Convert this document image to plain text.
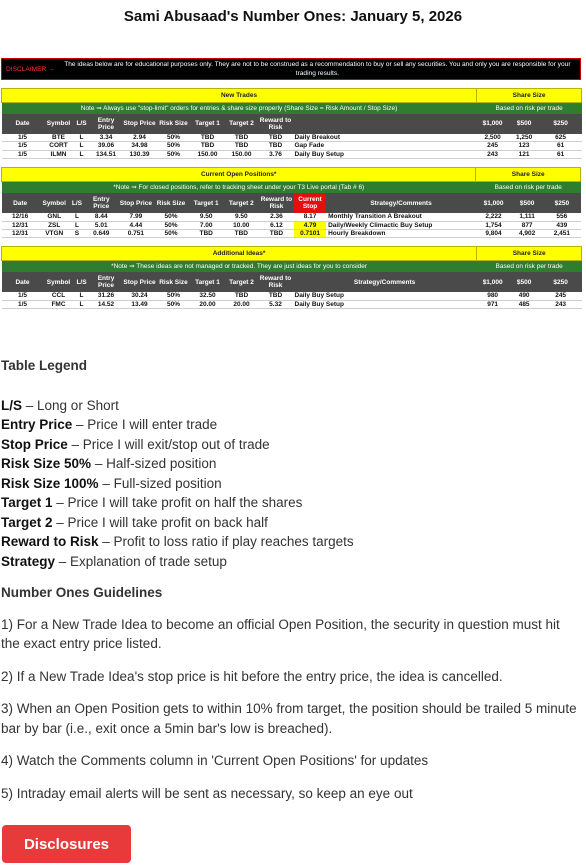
Sami Abusaad's Number Ones: January 5, 2026
DISCLAIMER →
The ideas below are for educational purposes only. They are not to be construed as a recommendation to buy or sell any securities. You and only you are responsible for your trading results.
New Trades										Share Size		
Note ⇒ Always use "stop-limit" orders for entries & share size properly (Share Size = Risk Amount / Stop Size)										Based on risk per trade		
Date	Symbol	L/S	Entry Price	Stop Price	Risk Size	Target 1	Target 2	Reward to Risk		$1,000	$500	$250
1/5	BTE	L	3.34	2.94	50%	TBD	TBD	TBD	Daily Breakout	2,500	1,250	625
1/5	CORT	L	39.06	34.98	50%	TBD	TBD	TBD	Gap Fade	245	123	61
1/5	ILMN	L	134.51	130.39	50%	150.00	150.00	3.76	Daily Buy Setup	243	121	61
Current Open Positions*											Share Size		
*Note ⇒ For closed positions, refer to tracking sheet under your T3 Live portal (Tab # 6)											Based on risk per trade		
Date	Symbol	L/S	Entry Price	Stop Price	Risk Size	Target 1	Target 2	Reward to Risk	Current Stop	Strategy/Comments	$1,000	$500	$250
12/16	GNL	L	8.44	7.99	50%	9.50	9.50	2.36	8.17	Monthly Transition A Breakout	2,222	1,111	556
12/31	ZSL	L	5.01	4.44	50%	7.00	10.00	6.12	4.79	Daily/Weekly Climactic Buy Setup	1,754	877	439
12/31	VTGN	S	0.649	0.751	50%	TBD	TBD	TBD	0.7101	Hourly Breakdown	9,804	4,902	2,451
Additional Ideas*										Share Size		
*Note ⇒ These ideas are not managed or tracked. They are just ideas for you to consider										Based on risk per trade		
Date	Symbol	L/S	Entry Price	Stop Price	Risk Size	Target 1	Target 2	Reward to Risk	Strategy/Comments	$1,000	$500	$250
1/5	CCL	L	31.26	30.24	50%	32.50	TBD	TBD	Daily Buy Setup	980	490	245
1/5	FMC	L	14.52	13.49	50%	20.00	20.00	5.32	Daily Buy Setup	971	485	243

Table Legend

L/S – Long or Short

Entry Price – Price I will enter trade

Stop Price – Price I will exit/stop out of trade

Risk Size 50% – Half-sized position

Risk Size 100% – Full-sized position

Target 1 – Price I will take profit on half the shares

Target 2 – Price I will take profit on back half

Reward to Risk – Profit to loss ratio if play reaches targets

Strategy – Explanation of trade setup

Number Ones Guidelines

1) For a New Trade Idea to become an official Open Position, the security in question must hit the exact entry price listed.

2) If a New Trade Idea's stop price is hit before the entry price, the idea is cancelled.

3) When an Open Position gets to within 10% from target, the position should be trailed 5 minute bar by bar (i.e., exit once a 5min bar's low is breached).

4) Watch the Comments column in 'Current Open Positions' for updates

5) Intraday email alerts will be sent as necessary, so keep an eye out

Disclosures
